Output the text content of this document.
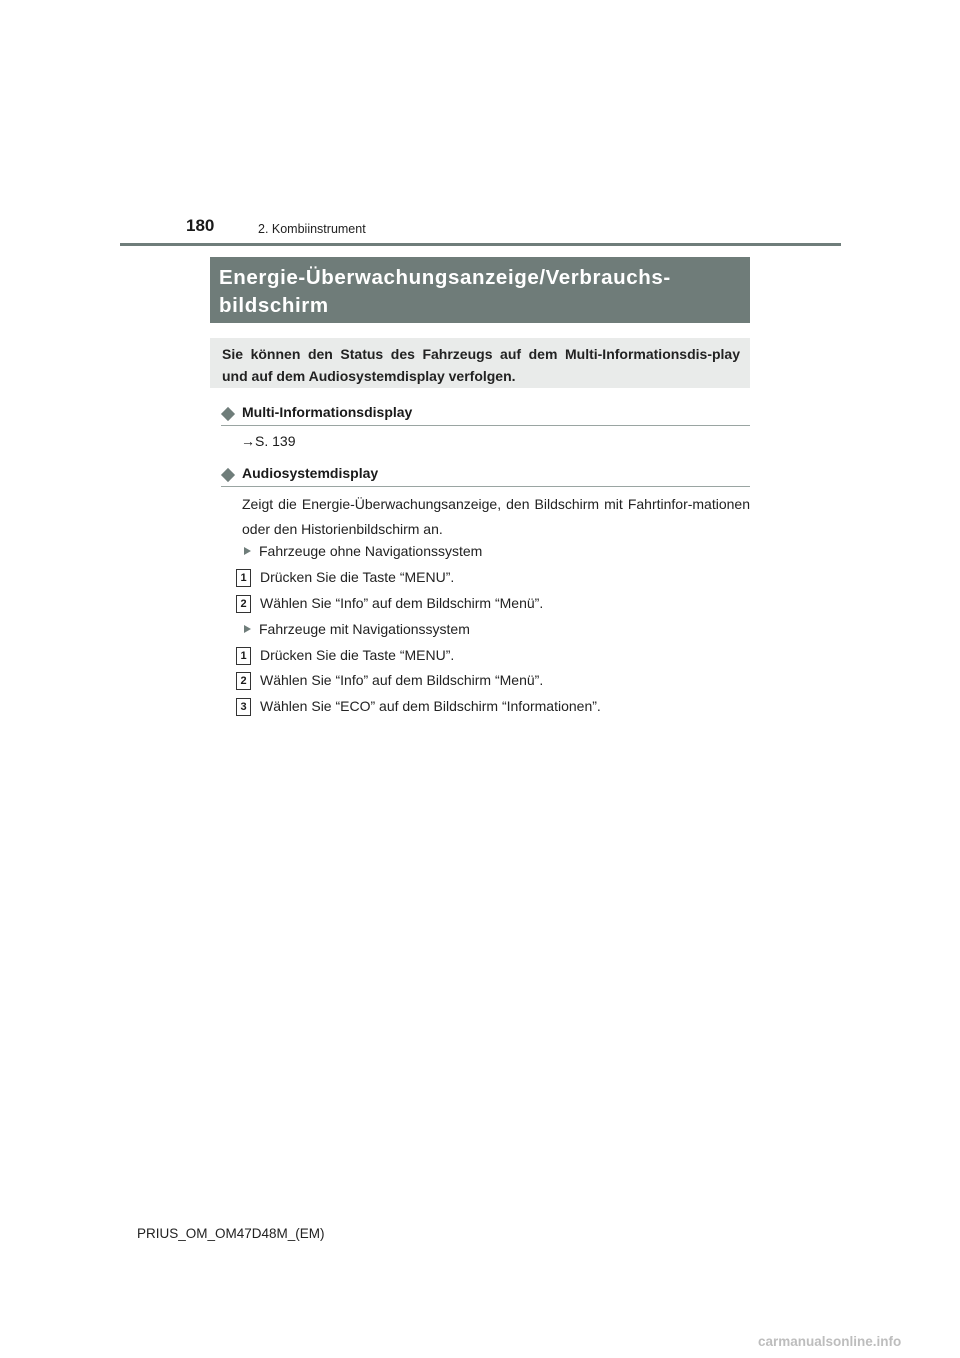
180	2. Kombiinstrument
Energie-Überwachungsanzeige/Verbrauchs-
bildschirm
Sie können den Status des Fahrzeugs auf dem Multi-Informationsdis-play und auf dem Audiosystemdisplay verfolgen.
Multi-Informationsdisplay
→S. 139
Audiosystemdisplay
Zeigt die Energie-Überwachungsanzeige, den Bildschirm mit Fahrtinfor-mationen oder den Historienbildschirm an.
Fahrzeuge ohne Navigationssystem
1 Drücken Sie die Taste “MENU”.
2 Wählen Sie “Info” auf dem Bildschirm “Menü”.
Fahrzeuge mit Navigationssystem
1 Drücken Sie die Taste “MENU”.
2 Wählen Sie “Info” auf dem Bildschirm “Menü”.
3 Wählen Sie “ECO” auf dem Bildschirm “Informationen”.
PRIUS_OM_OM47D48M_(EM)
carmanualsonline.info
